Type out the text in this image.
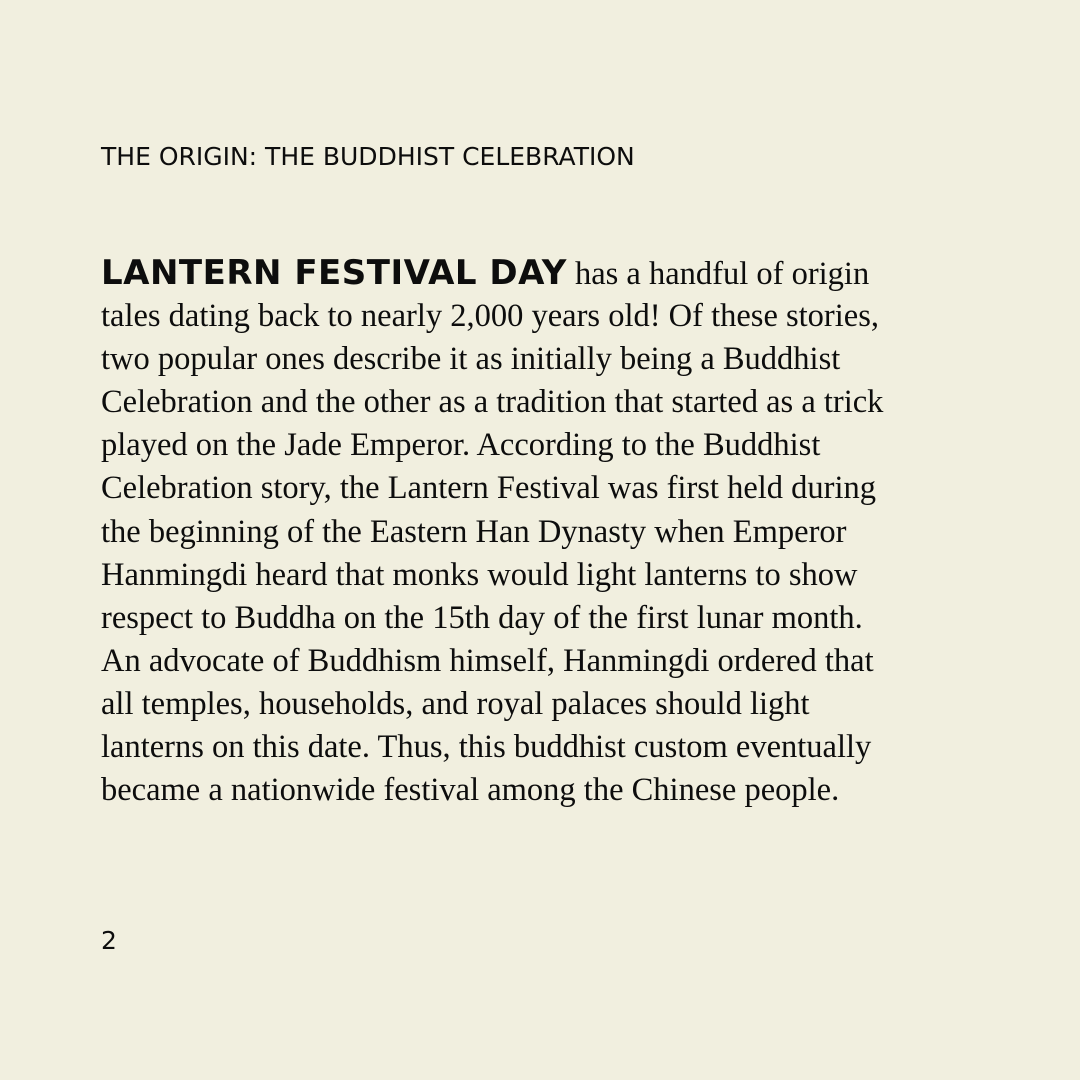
THE ORIGIN: THE BUDDHIST CELEBRATION
LANTERN FESTIVAL DAY has a handful of origin
tales dating back to nearly 2,000 years old! Of these stories,
two popular ones describe it as initially being a Buddhist
Celebration and the other as a tradition that started as a trick
played on the Jade Emperor. According to the Buddhist
Celebration story, the Lantern Festival was first held during
the beginning of the Eastern Han Dynasty when Emperor
Hanmingdi heard that monks would light lanterns to show
respect to Buddha on the 15th day of the first lunar month.
An advocate of Buddhism himself, Hanmingdi ordered that
all temples, households, and royal palaces should light
lanterns on this date. Thus, this buddhist custom eventually
became a nationwide festival among the Chinese people.
2
